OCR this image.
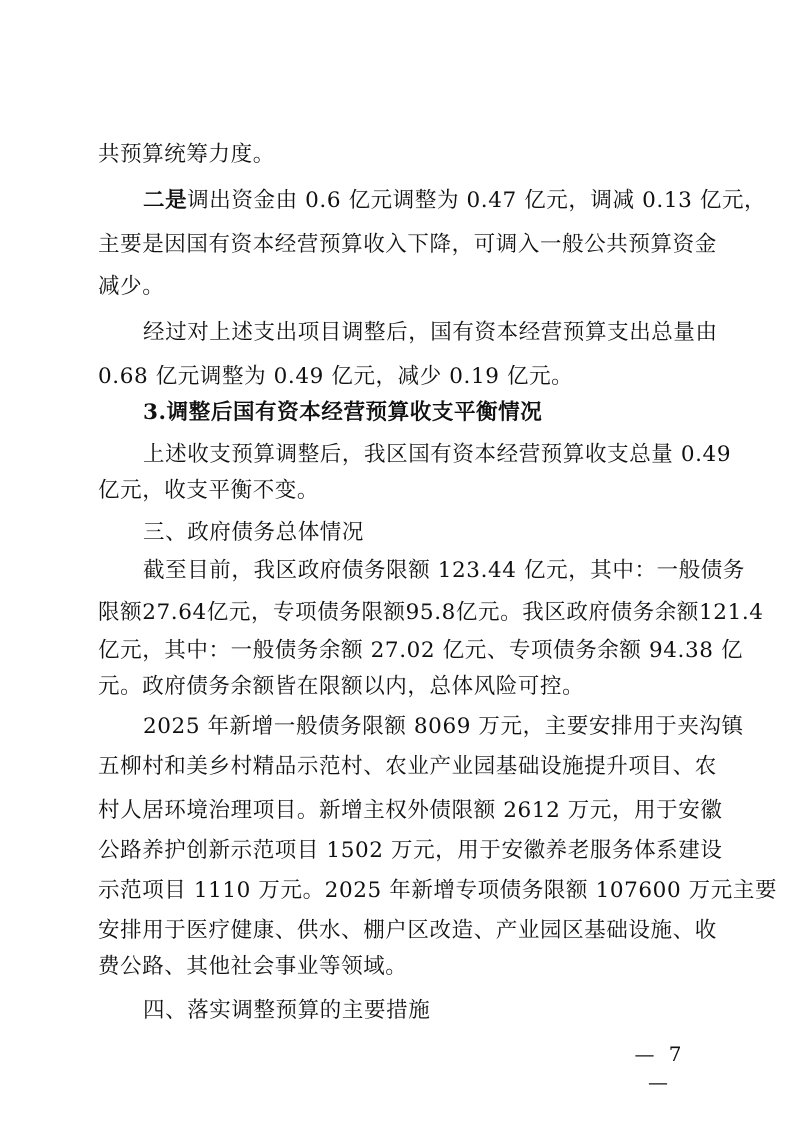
共预算统筹力度。
二是调出资金由 0.6 亿元调整为 0.47 亿元，调减 0.13 亿元，
主要是因国有资本经营预算收入下降，可调入一般公共预算资金
减少。
经过对上述支出项目调整后，国有资本经营预算支出总量由
0.68 亿元调整为 0.49 亿元，减少 0.19 亿元。
3.调整后国有资本经营预算收支平衡情况
上述收支预算调整后，我区国有资本经营预算收支总量 0.49
亿元，收支平衡不变。
三、政府债务总体情况
截至目前，我区政府债务限额 123.44 亿元，其中：一般债务
限额27.64亿元，专项债务限额95.8亿元。我区政府债务余额121.4
亿元，其中：一般债务余额 27.02 亿元、专项债务余额 94.38 亿
元。政府债务余额皆在限额以内，总体风险可控。
2025 年新增一般债务限额 8069 万元，主要安排用于夹沟镇
五柳村和美乡村精品示范村、农业产业园基础设施提升项目、农
村人居环境治理项目。新增主权外债限额 2612 万元，用于安徽
公路养护创新示范项目 1502 万元，用于安徽养老服务体系建设
示范项目 1110 万元。2025 年新增专项债务限额 107600 万元主要
安排用于医疗健康、供水、棚户区改造、产业园区基础设施、收
费公路、其他社会事业等领域。
四、落实调整预算的主要措施
— 7 —
